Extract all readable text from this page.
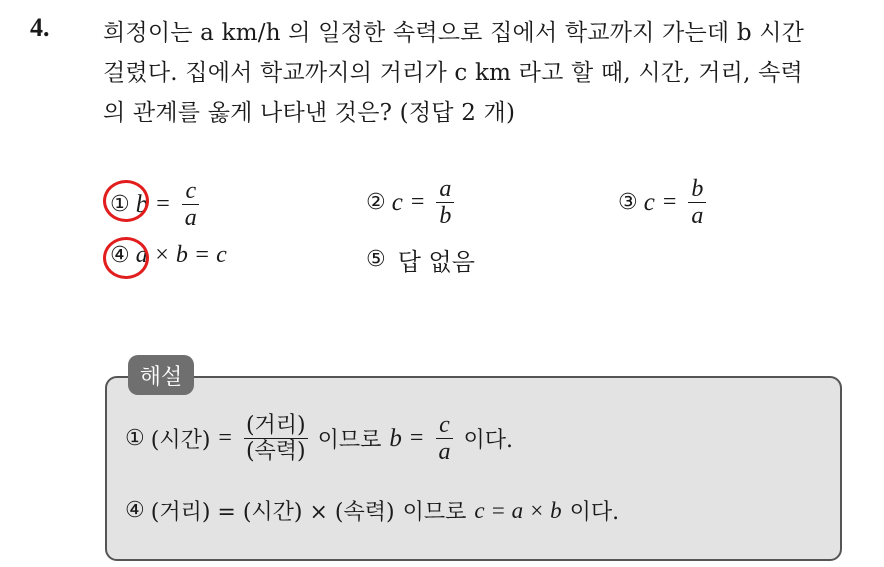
4. 희정이는 a km/h 의 일정한 속력으로 집에서 학교까지 가는데 b 시간
걸렸다. 집에서 학교까지의 거리가 c km 라고 할 때, 시간, 거리, 속력
의 관계를 옳게 나타낸 것은? (정답 2 개)
① $b = \frac{c}{a}$	② $c = \frac{a}{b}$	③ $c = \frac{b}{a}$
④ a × b = c	⑤ 답 없음
해설
① (시간) = (거리)
(속력) 이므로 $b = \frac{c}{a}$ 이다.
④ (거리) = (시간) × (속력) 이므로 c = a × b 이다.
